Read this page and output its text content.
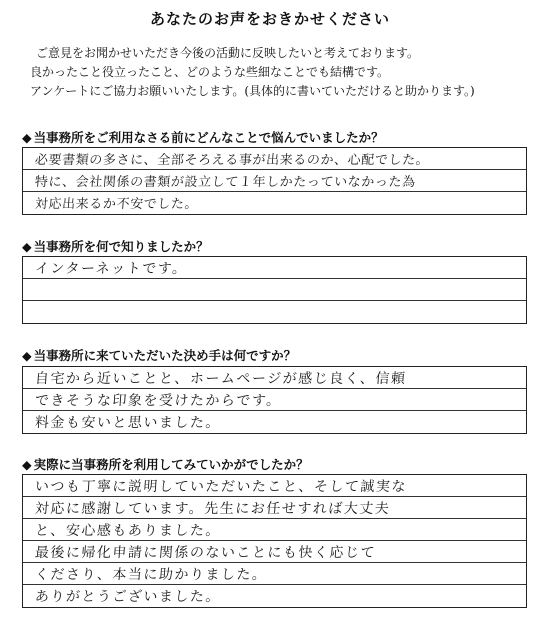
あなたのお声をおきかせください
ご意見をお聞かせいただき今後の活動に反映したいと考えております。
良かったこと役立ったこと、どのような些細なことでも結構です。
アンケートにご協力お願いいたします。(具体的に書いていただけると助かります。)
◆ 当事務所をご利用なさる前にどんなことで悩んでいましたか？
必要書類の多さに、全部そろえる事が出来るのか、心配でした。
特に、会社関係の書類が設立して１年しかたっていなかった為
対応出来るか不安でした。
◆ 当事務所を何で知りましたか？
インターネットです。
◆ 当事務所に来ていただいた決め手は何ですか？
自宅から近いことと、ホームページが感じ良く、信頼
できそうな印象を受けたからです。
料金も安いと思いました。
◆ 実際に当事務所を利用してみていかがでしたか？
いつも丁寧に説明していただいたこと、そして誠実な
対応に感謝しています。先生にお任せすれば大丈夫
と、安心感もありました。
最後に帰化申請に関係のないことにも快く応じて
くださり、本当に助かりました。
ありがとうございました。
